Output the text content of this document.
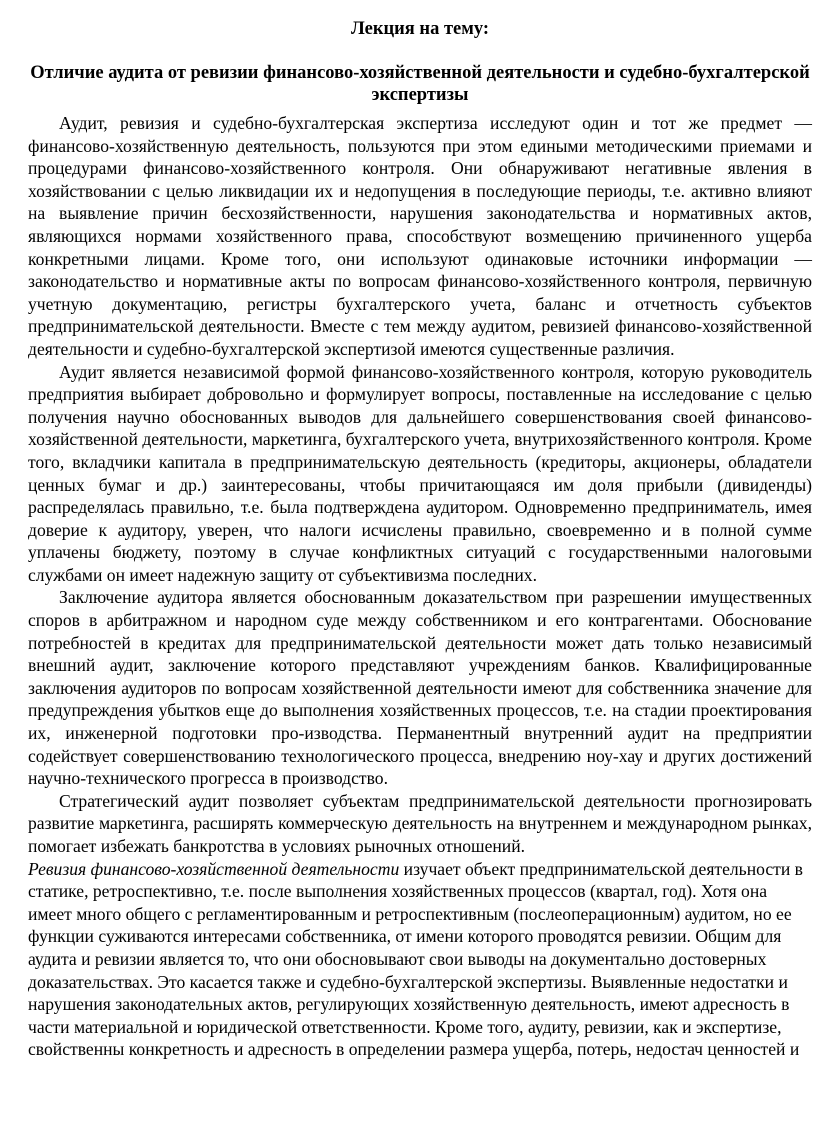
Лекция на тему:

Отличие аудита от ревизии финансово-хозяйственной деятельности и судебно-бухгалтерской экспертизы

Аудит, ревизия и судебно-бухгалтерская экспертиза исследуют один и тот же предмет — финансово-хозяйственную деятельность, пользуются при этом едиными методическими приемами и процедурами финансово-хозяйственного контроля. Они обнаруживают негативные явления в хозяйствовании с целью ликвидации их и недопущения в последующие периоды, т.е. активно влияют на выявление причин бесхозяйственности, нарушения законодательства и нормативных актов, являющихся нормами хозяйственного права, способствуют возмещению причиненного ущерба конкретными лицами. Кроме того, они используют одинаковые источники информации — законодательство и нормативные акты по вопросам финансово-хозяйственного контроля, первичную учетную документацию, регистры бухгалтерского учета, баланс и отчетность субъектов предпринимательской деятельности. Вместе с тем между аудитом, ревизией финансово-хозяйственной деятельности и судебно-бухгалтерской экспертизой имеются существенные различия.

Аудит является независимой формой финансово-хозяйственного контроля, которую руководитель предприятия выбирает добровольно и формулирует вопросы, поставленные на исследование с целью получения научно обоснованных выводов для дальнейшего совершенствования своей финансово-хозяйственной деятельности, маркетинга, бухгалтерского учета, внутрихозяйственного контроля. Кроме того, вкладчики капитала в предпринимательскую деятельность (кредиторы, акционеры, обладатели ценных бумаг и др.) заинтересованы, чтобы причитающаяся им доля прибыли (дивиденды) распределялась правильно, т.е. была подтверждена аудитором. Одновременно предприниматель, имея доверие к аудитору, уверен, что налоги исчислены правильно, своевременно и в полной сумме уплачены бюджету, поэтому в случае конфликтных ситуаций с государственными налоговыми службами он имеет надежную защиту от субъективизма последних.

Заключение аудитора является обоснованным доказательством при разрешении имущественных споров в арбитражном и народном суде между собственником и его контрагентами. Обоснование потребностей в кредитах для предпринимательской деятельности может дать только независимый внешний аудит, заключение которого представляют учреждениям банков. Квалифицированные заключения аудиторов по вопросам хозяйственной деятельности имеют для собственника значение для предупреждения убытков еще до выполнения хозяйственных процессов, т.е. на стадии проектирования их, инженерной подготовки про-изводства. Перманентный внутренний аудит на предприятии содействует совершенствованию технологического процесса, внедрению ноу-хау и других достижений научно-технического прогресса в производство.

Стратегический аудит позволяет субъектам предпринимательской деятельности прогнозировать развитие маркетинга, расширять коммерческую деятельность на внутреннем и международном рынках, помогает избежать банкротства в условиях рыночных отношений.

Ревизия финансово-хозяйственной деятельности изучает объект предпринимательской деятельности в статике, ретроспективно, т.е. после выполнения хозяйственных процессов (квартал, год). Хотя она имеет много общего с регламентированным и ретроспективным (послеоперационным) аудитом, но ее функции суживаются интересами собственника, от имени которого проводятся ревизии. Общим для аудита и ревизии является то, что они обосновывают свои выводы на документально достоверных доказательствах. Это касается также и судебно-бухгалтерской экспертизы. Выявленные недостатки и нарушения законодательных актов, регулирующих хозяйственную деятельность, имеют адресность в части материальной и юридической ответственности. Кроме того, аудиту, ревизии, как и экспертизе, свойственны конкретность и адресность в определении размера ущерба, потерь, недостач ценностей и
